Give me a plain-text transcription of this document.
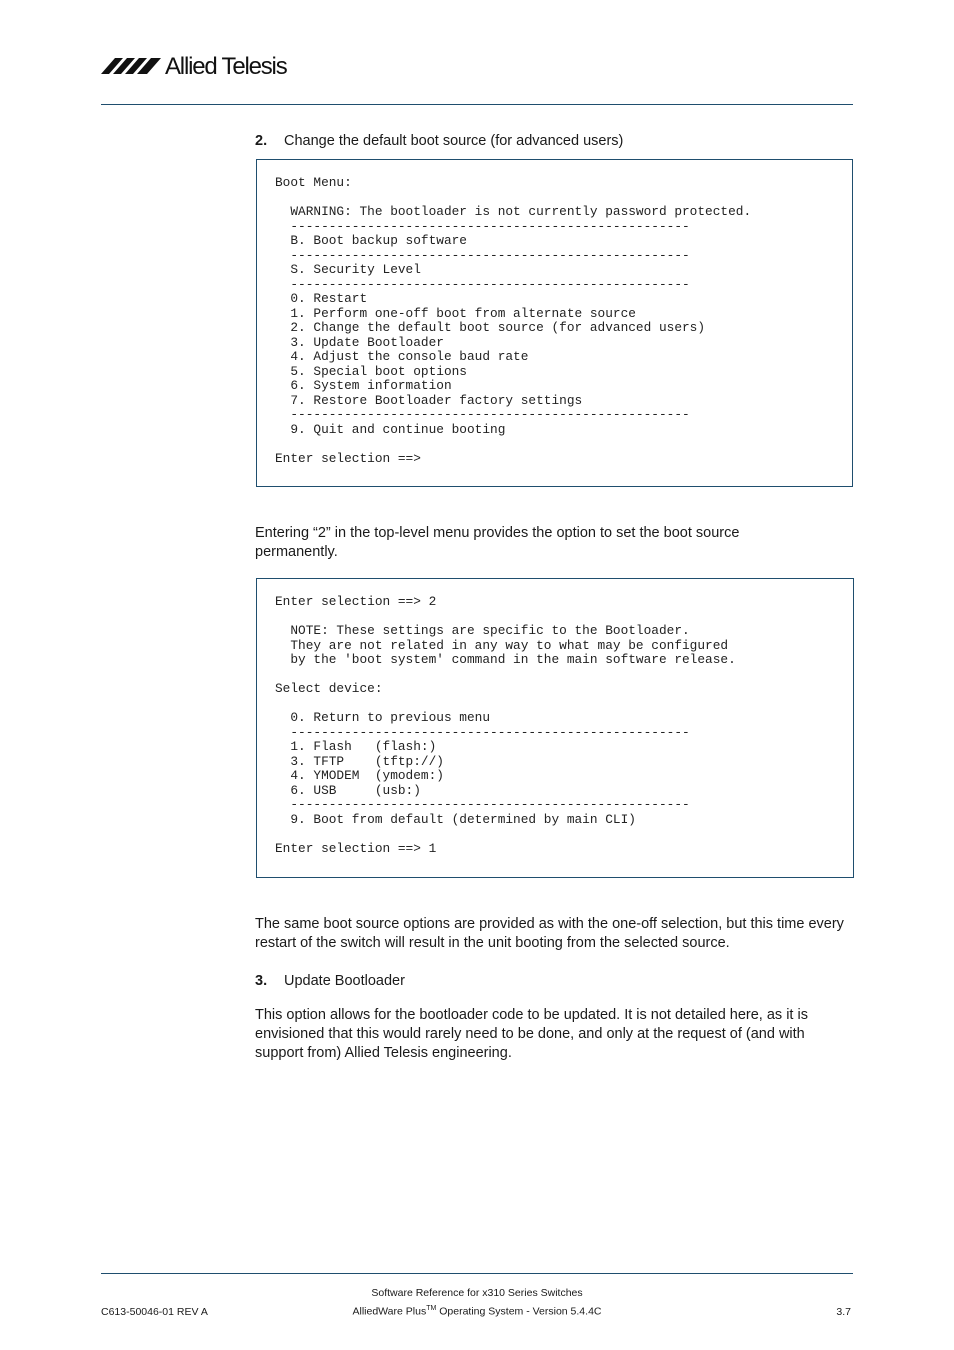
Allied Telesis
2. Change the default boot source (for advanced users)
Boot Menu:

WARNING: The bootloader is not currently password protected.
----------------------------------------------------
B. Boot backup software
----------------------------------------------------
S. Security Level
----------------------------------------------------
0. Restart
1. Perform one-off boot from alternate source
2. Change the default boot source (for advanced users)
3. Update Bootloader
4. Adjust the console baud rate
5. Special boot options
6. System information
7. Restore Bootloader factory settings
----------------------------------------------------
9. Quit and continue booting

Enter selection ==>

Entering “2” in the top-level menu provides the option to set the boot source permanently.

Enter selection ==> 2

NOTE: These settings are specific to the Bootloader.
They are not related in any way to what may be configured
by the 'boot system' command in the main software release.

Select device:

0. Return to previous menu
----------------------------------------------------
1. Flash   (flash:)
3. TFTP    (tftp://)
4. YMODEM  (ymodem:)
6. USB     (usb:)
----------------------------------------------------
9. Boot from default (determined by main CLI)

Enter selection ==> 1

The same boot source options are provided as with the one-off selection, but this time every restart of the switch will result in the unit booting from the selected source.

3. Update Bootloader

This option allows for the bootloader code to be updated. It is not detailed here, as it is envisioned that this would rarely need to be done, and only at the request of (and with support from) Allied Telesis engineering.

Software Reference for x310 Series Switches
AlliedWare Plus™ Operating System - Version 5.4.4C
C613-50046-01 REV A	3.7
